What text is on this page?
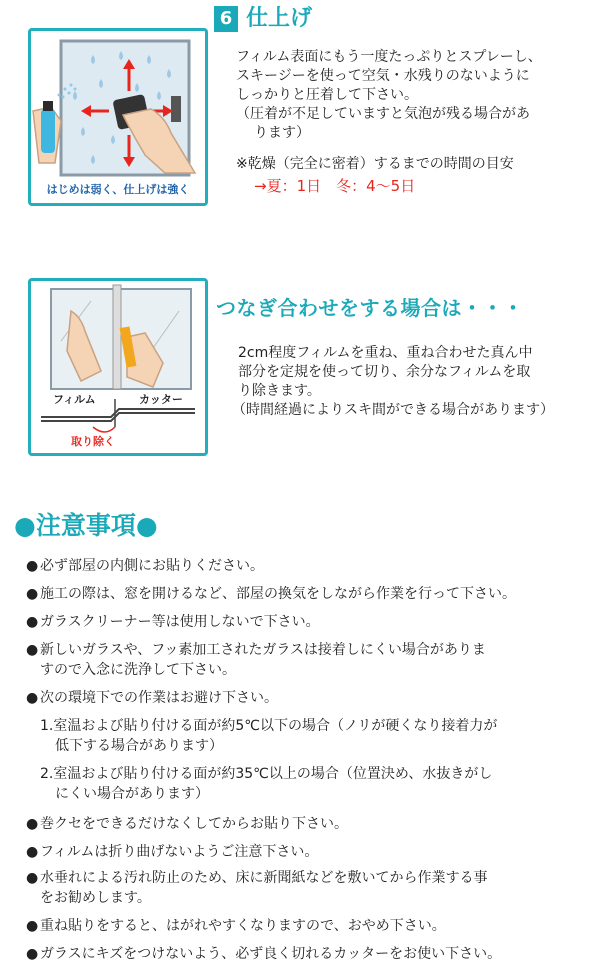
6 仕上げ
はじめは弱く、仕上げは強く
フィルム表面にもう一度たっぷりとスプレーし、
スキージーを使って空気・水残りのないように
しっかりと圧着して下さい。
（圧着が不足していますと気泡が残る場合があ
ります）
※乾燥（完全に密着）するまでの時間の目安
→夏：1日　冬：4〜5日
フィルム	カッター
取り除く
つなぎ合わせをする場合は・・・
2cm程度フィルムを重ね、重ね合わせた真ん中
部分を定規を使って切り、余分なフィルムを取
り除きます。
（時間経過によりスキ間ができる場合があります）
●注意事項●
● 必ず部屋の内側にお貼りください。
● 施工の際は、窓を開けるなど、部屋の換気をしながら作業を行って下さい。
● ガラスクリーナー等は使用しないで下さい。
● 新しいガラスや、フッ素加工されたガラスは接着しにくい場合がありま
すので入念に洗浄して下さい。
● 次の環境下での作業はお避け下さい。
1.室温および貼り付ける面が約5℃以下の場合（ノリが硬くなり接着力が
低下する場合があります）
2.室温および貼り付ける面が約35℃以上の場合（位置決め、水抜きがし
にくい場合があります）
● 巻クセをできるだけなくしてからお貼り下さい。
● フィルムは折り曲げないようご注意下さい。
● 水垂れによる汚れ防止のため、床に新聞紙などを敷いてから作業する事
をお勧めします。
● 重ね貼りをすると、はがれやすくなりますので、おやめ下さい。
● ガラスにキズをつけないよう、必ず良く切れるカッターをお使い下さい。
